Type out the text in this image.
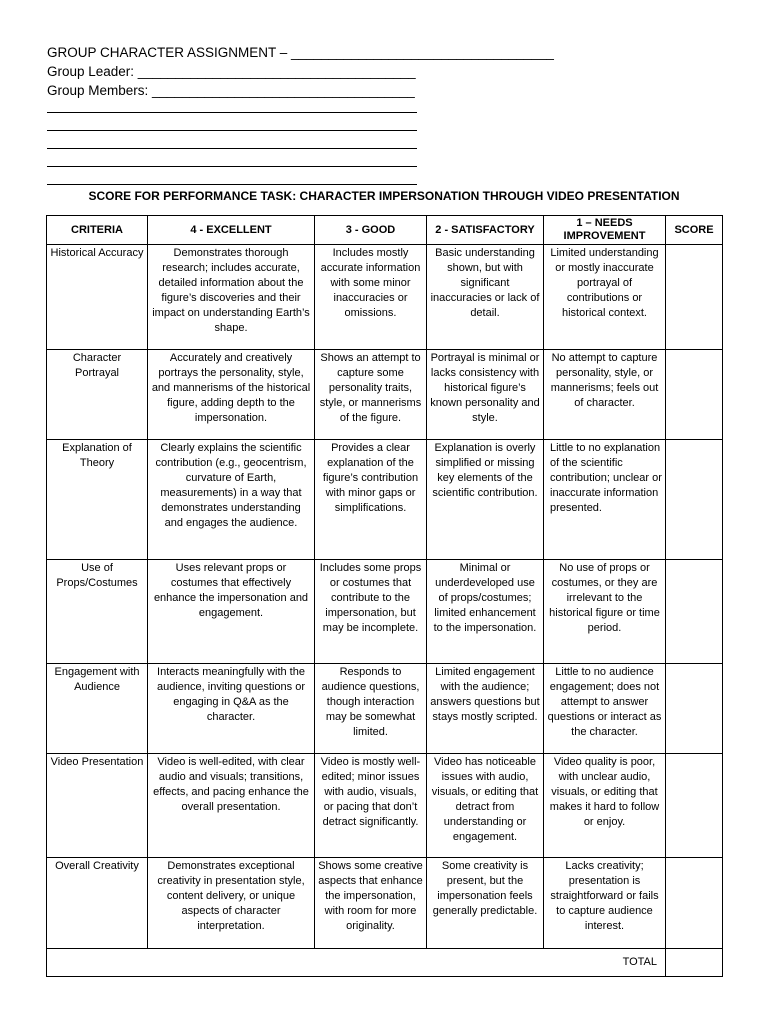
GROUP CHARACTER ASSIGNMENT – ___________________________________
Group Leader: _____________________________________
Group Members: ___________________________________
SCORE FOR PERFORMANCE TASK: CHARACTER IMPERSONATION THROUGH VIDEO PRESENTATION
CRITERIA	4 - EXCELLENT	3 - GOOD	2 - SATISFACTORY	1 – NEEDS IMPROVEMENT	SCORE
Historical Accuracy	Demonstrates thorough research; includes accurate, detailed information about the figure’s discoveries and their impact on understanding Earth’s shape.	Includes mostly accurate information with some minor inaccuracies or omissions.	Basic understanding shown, but with significant inaccuracies or lack of detail.	Limited understanding or mostly inaccurate portrayal of contributions or historical context.	
Character Portrayal	Accurately and creatively portrays the personality, style, and mannerisms of the historical figure, adding depth to the impersonation.	Shows an attempt to capture some personality traits, style, or mannerisms of the figure.	Portrayal is minimal or lacks consistency with historical figure’s known personality and style.	No attempt to capture personality, style, or mannerisms; feels out of character.	
Explanation of Theory	Clearly explains the scientific contribution (e.g., geocentrism, curvature of Earth, measurements) in a way that demonstrates understanding and engages the audience.	Provides a clear explanation of the figure’s contribution with minor gaps or simplifications.	Explanation is overly simplified or missing key elements of the scientific contribution.	Little to no explanation of the scientific contribution; unclear or inaccurate information presented.	
Use of Props/Costumes	Uses relevant props or costumes that effectively enhance the impersonation and engagement.	Includes some props or costumes that contribute to the impersonation, but may be incomplete.	Minimal or underdeveloped use of props/costumes; limited enhancement to the impersonation.	No use of props or costumes, or they are irrelevant to the historical figure or time period.	
Engagement with Audience	Interacts meaningfully with the audience, inviting questions or engaging in Q&A as the character.	Responds to audience questions, though interaction may be somewhat limited.	Limited engagement with the audience; answers questions but stays mostly scripted.	Little to no audience engagement; does not attempt to answer questions or interact as the character.	
Video Presentation	Video is well-edited, with clear audio and visuals; transitions, effects, and pacing enhance the overall presentation.	Video is mostly well-edited; minor issues with audio, visuals, or pacing that don’t detract significantly.	Video has noticeable issues with audio, visuals, or editing that detract from understanding or engagement.	Video quality is poor, with unclear audio, visuals, or editing that makes it hard to follow or enjoy.	
Overall Creativity	Demonstrates exceptional creativity in presentation style, content delivery, or unique aspects of character interpretation.	Shows some creative aspects that enhance the impersonation, with room for more originality.	Some creativity is present, but the impersonation feels generally predictable.	Lacks creativity; presentation is straightforward or fails to capture audience interest.	
TOTAL					
